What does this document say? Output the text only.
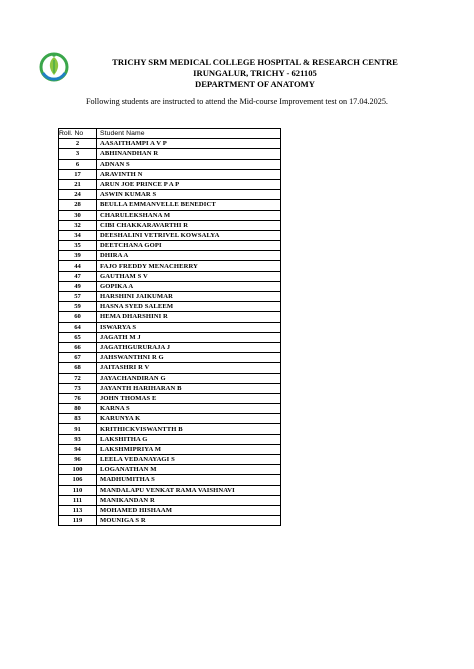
TRICHY SRM MEDICAL COLLEGE HOSPITAL & RESEARCH CENTRE
IRUNGALUR, TRICHY - 621105
DEPARTMENT OF ANATOMY
Following students are instructed to attend the Mid-course Improvement test on 17.04.2025.
Roll. No	Student Name
2	AASAITHAMPI A V P
3	ABHINANDHAN R
6	ADNAN S
17	ARAVINTH N
21	ARUN JOE PRINCE P A P
24	ASWIN KUMAR S
28	BEULLA EMMANVELLE BENEDICT
30	CHARULEKSHANA M
32	CIBI CHAKKARAVARTHI R
34	DEESHALINI VETRIVEL KOWSALYA
35	DEETCHANA GOPI
39	DHIRA A
44	FAJO FREDDY MENACHERRY
47	GAUTHAM S V
49	GOPIKA A
57	HARSHINI JAIKUMAR
59	HASNA SYED SALEEM
60	HEMA DHARSHINI R
64	ISWARYA S
65	JAGATH M J
66	JAGATHGURURAJA J
67	JAHSWANTHNI R G
68	JAITASHRI R V
72	JAYACHANDIRAN G
73	JAYANTH HARIHARAN B
76	JOHN THOMAS E
80	KARNA S
83	KARUNYA K
91	KRITHICKVISWANTTH B
93	LAKSHITHA G
94	LAKSHMIPRIYA M
96	LEELA VEDANAYAGI S
100	LOGANATHAN M
106	MADHUMITHA S
110	MANDALAPU VENKAT RAMA VAISHNAVI
111	MANIKANDAN R
113	MOHAMED HISHAAM
119	MOUNIGA S R
